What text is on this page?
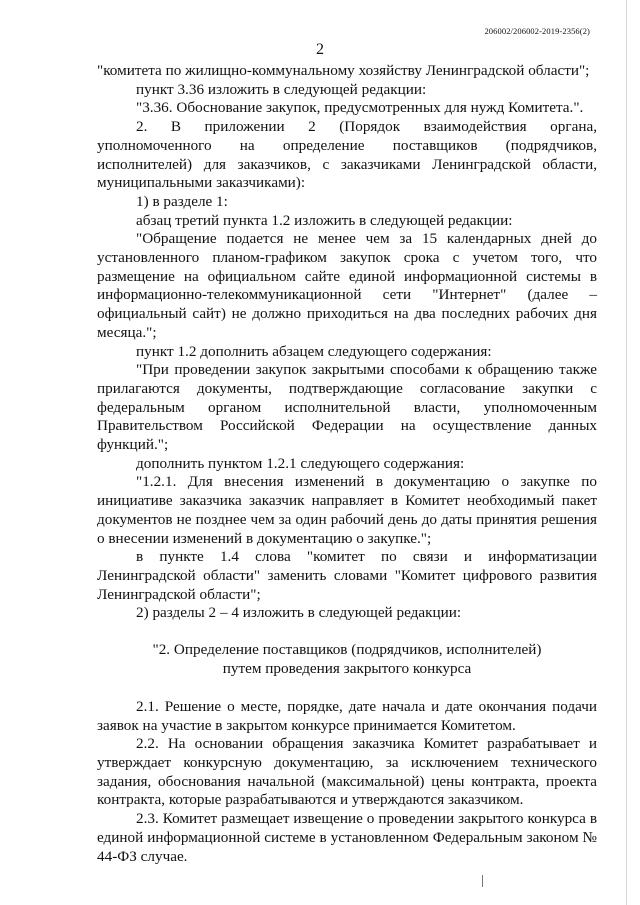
206002/206002-2019-2356(2)
2

"комитета по жилищно-коммунальному хозяйству Ленинградской области";

пункт 3.36 изложить в следующей редакции:

"3.36. Обоснование закупок, предусмотренных для нужд Комитета.".

2. В приложении 2 (Порядок взаимодействия органа, уполномоченного на определение поставщиков (подрядчиков, исполнителей) для заказчиков, с заказчиками Ленинградской области, муниципальными заказчиками):

1) в разделе 1:

абзац третий пункта 1.2 изложить в следующей редакции:

"Обращение подается не менее чем за 15 календарных дней до установленного планом-графиком закупок срока с учетом того, что размещение на официальном сайте единой информационной системы в информационно-телекоммуникационной сети "Интернет" (далее – официальный сайт) не должно приходиться на два последних рабочих дня месяца.";

пункт 1.2 дополнить абзацем следующего содержания:

"При проведении закупок закрытыми способами к обращению также прилагаются документы, подтверждающие согласование закупки с федеральным органом исполнительной власти, уполномоченным Правительством Российской Федерации на осуществление данных функций.";

дополнить пунктом 1.2.1 следующего содержания:

"1.2.1. Для внесения изменений в документацию о закупке по инициативе заказчика заказчик направляет в Комитет необходимый пакет документов не позднее чем за один рабочий день до даты принятия решения о внесении изменений в документацию о закупке.";

в пункте 1.4 слова "комитет по связи и информатизации Ленинградской области" заменить словами "Комитет цифрового развития Ленинградской области";

2) разделы 2 – 4 изложить в следующей редакции:

"2. Определение поставщиков (подрядчиков, исполнителей)

путем проведения закрытого конкурса

2.1. Решение о месте, порядке, дате начала и дате окончания подачи заявок на участие в закрытом конкурсе принимается Комитетом.

2.2. На основании обращения заказчика Комитет разрабатывает и утверждает конкурсную документацию, за исключением технического задания, обоснования начальной (максимальной) цены контракта, проекта контракта, которые разрабатываются и утверждаются заказчиком.

2.3. Комитет размещает извещение о проведении закрытого конкурса в единой информационной системе в установленном Федеральным законом № 44-ФЗ случае.
